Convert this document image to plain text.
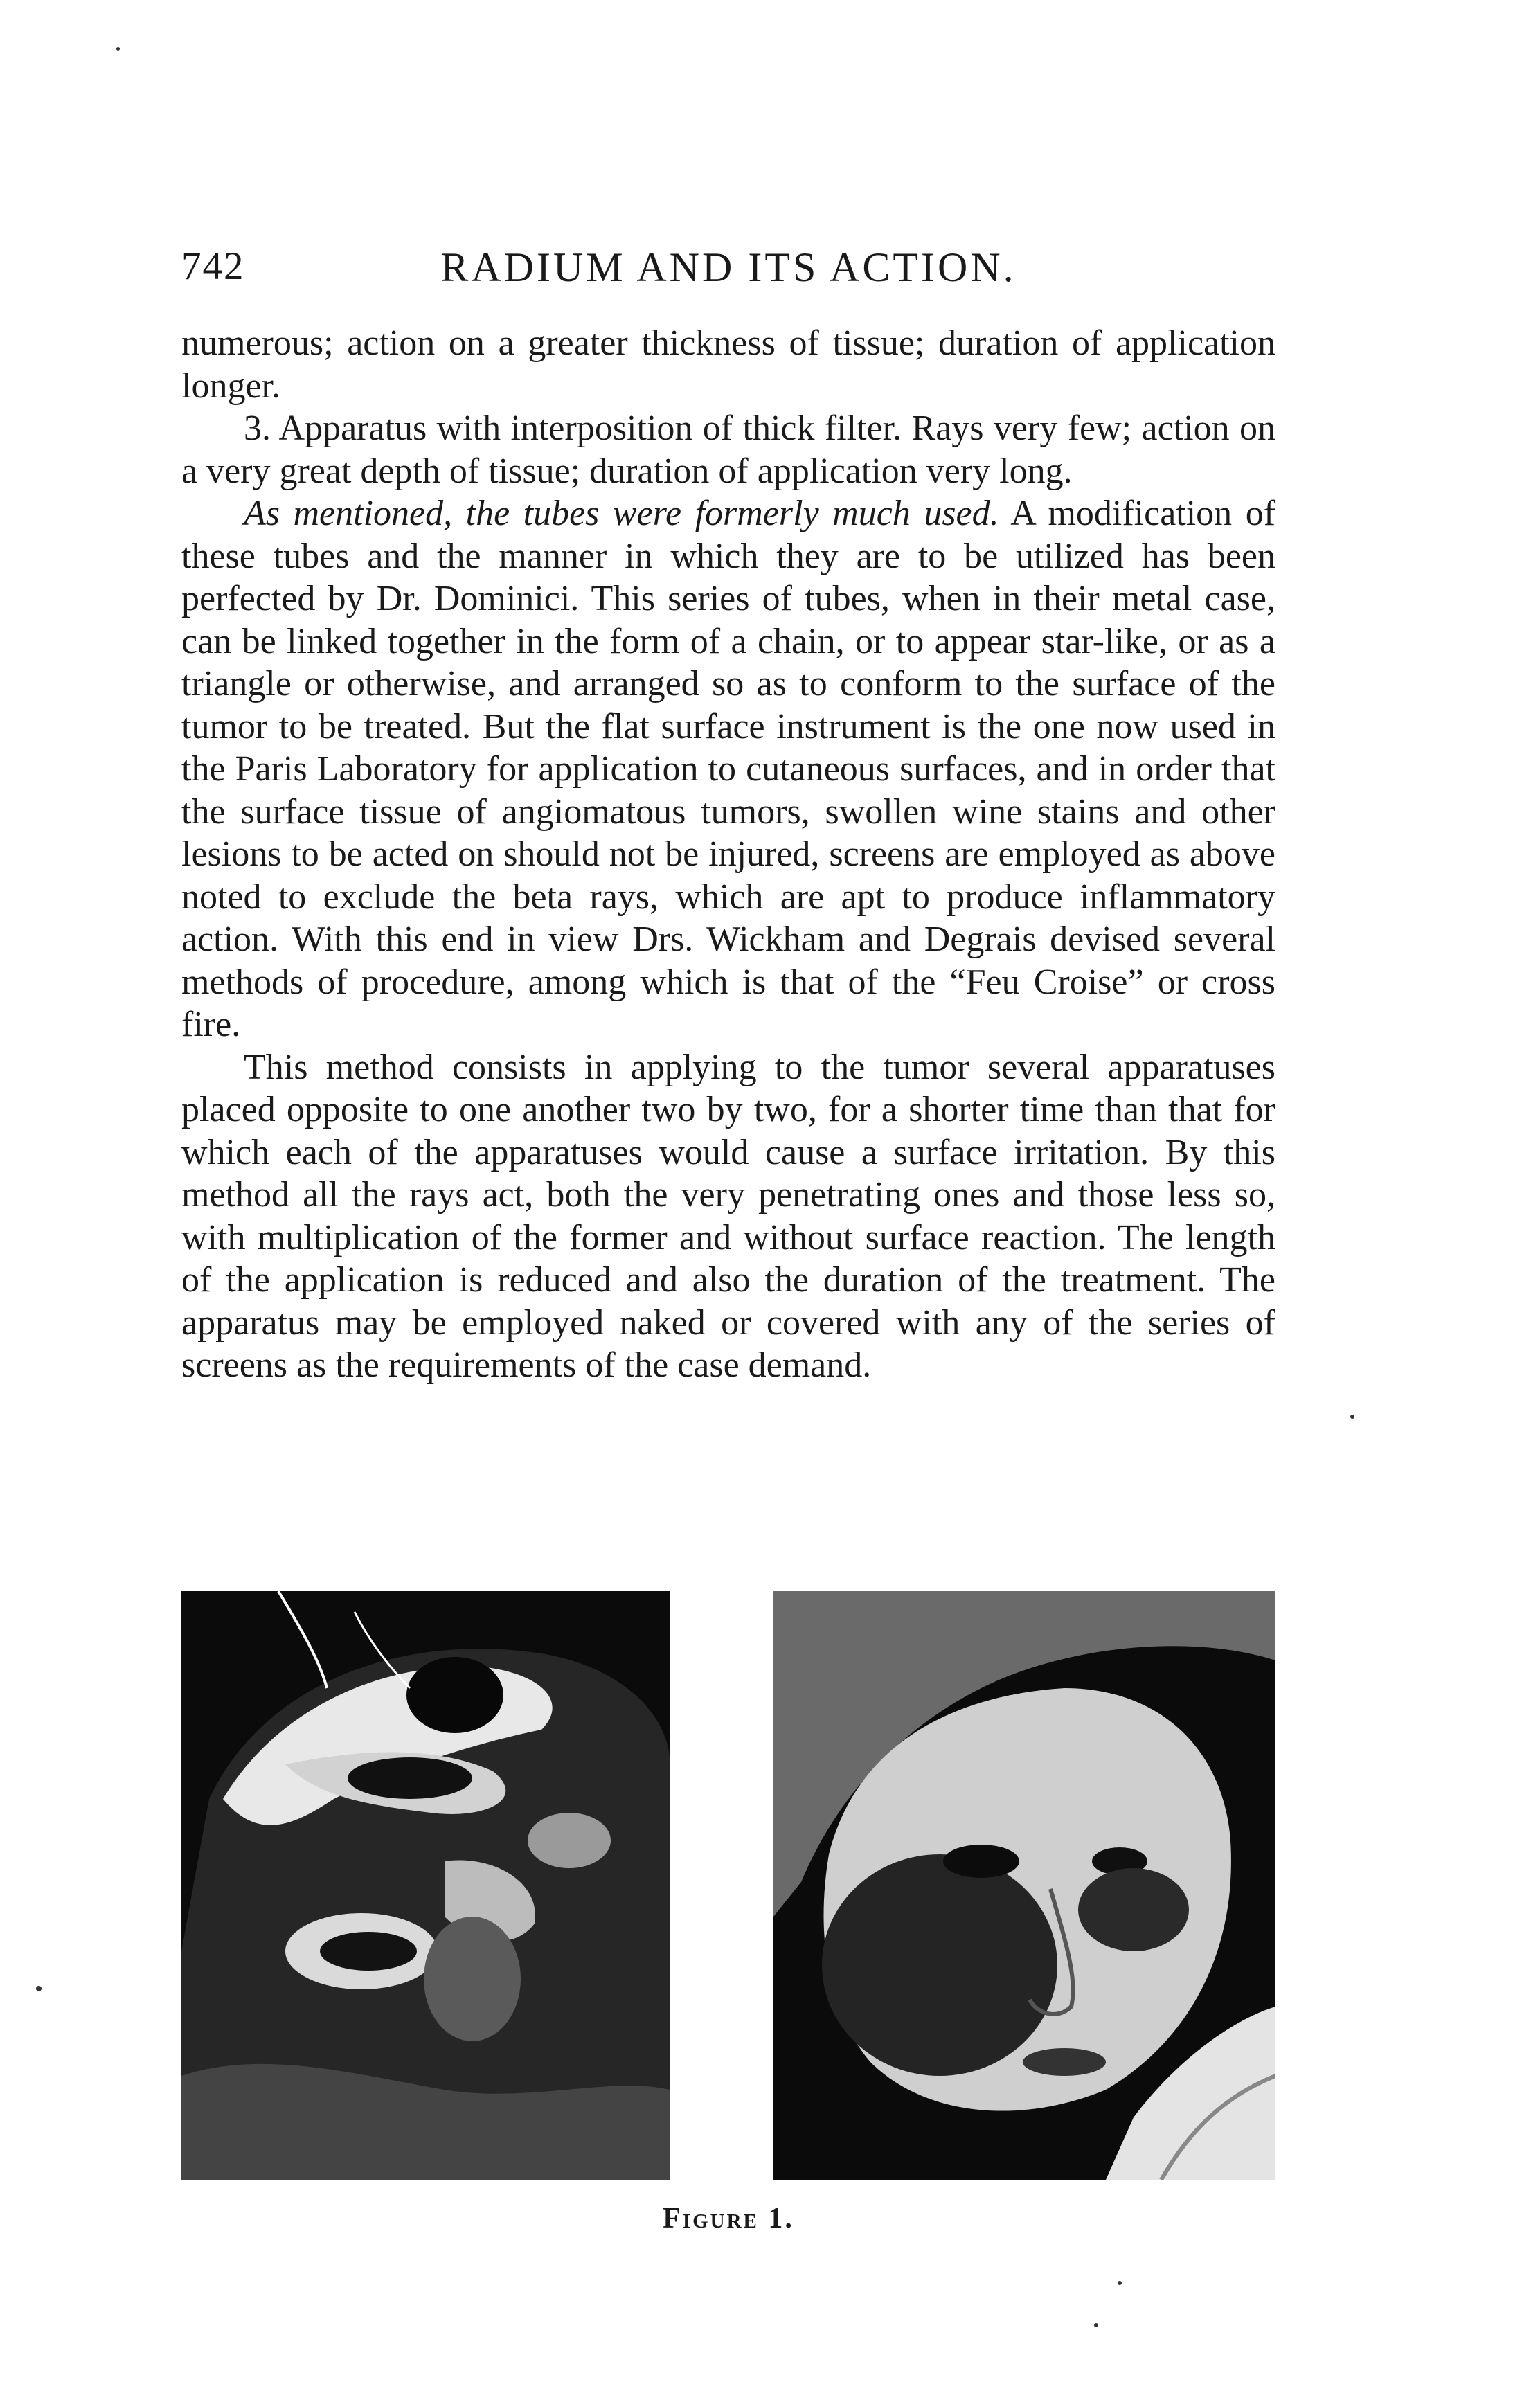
742	RADIUM AND ITS ACTION.

numerous; action on a greater thickness of tissue; duration of application longer.

3. Apparatus with interposition of thick filter. Rays very few; action on a very great depth of tissue; duration of application very long.

As mentioned, the tubes were formerly much used. A modification of these tubes and the manner in which they are to be utilized has been perfected by Dr. Dominici. This series of tubes, when in their metal case, can be linked together in the form of a chain, or to appear star-like, or as a triangle or otherwise, and arranged so as to conform to the surface of the tumor to be treated. But the flat surface instrument is the one now used in the Paris Laboratory for application to cutaneous surfaces, and in order that the surface tissue of angiomatous tumors, swollen wine stains and other lesions to be acted on should not be injured, screens are employed as above noted to exclude the beta rays, which are apt to produce inflammatory action. With this end in view Drs. Wickham and Degrais devised several methods of procedure, among which is that of the “Feu Croise” or cross fire.

This method consists in applying to the tumor several apparatuses placed opposite to one another two by two, for a shorter time than that for which each of the apparatuses would cause a surface irritation. By this method all the rays act, both the very penetrating ones and those less so, with multiplication of the former and without surface reaction. The length of the application is reduced and also the duration of the treatment. The apparatus may be employed naked or covered with any of the series of screens as the requirements of the case demand.

Figure 1.
